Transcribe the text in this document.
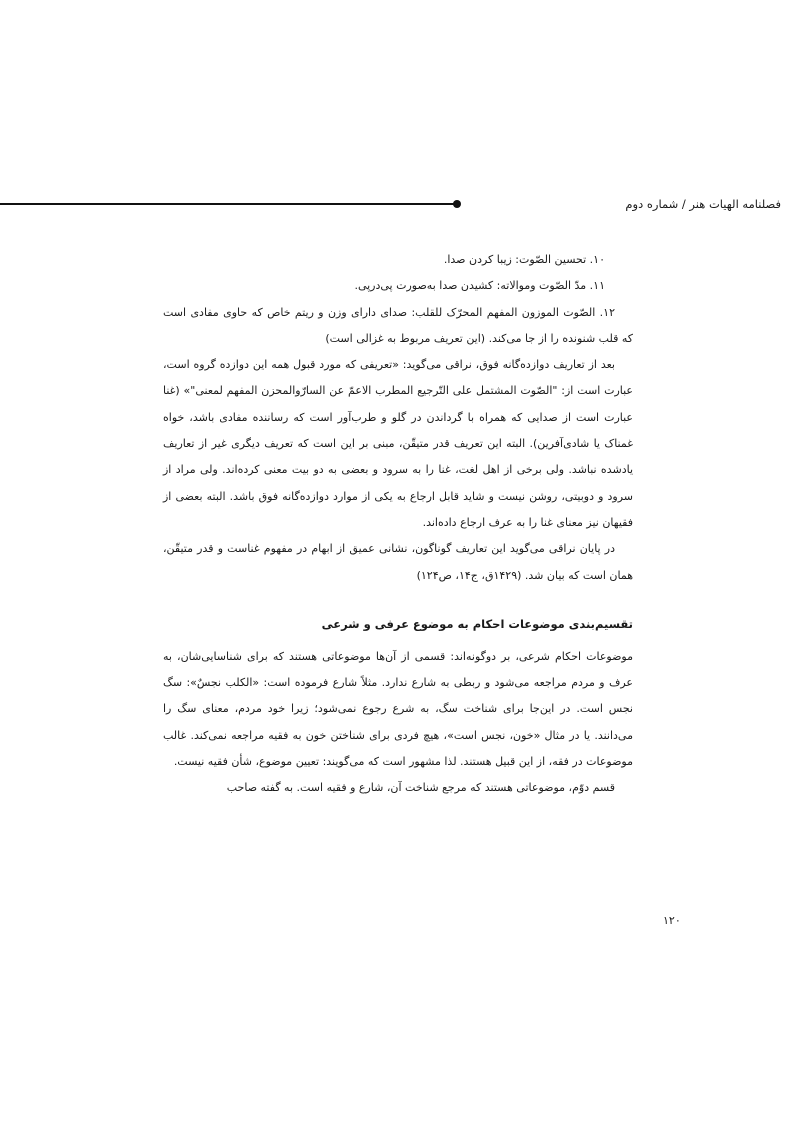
فصلنامه الهیات هنر / شماره دوم

۱۰. تحسین الصّوت: زیبا کردن صدا.

۱۱. مدّ الصّوت وموالاته: کشیدن صدا به‌صورت پی‌درپی.

۱۲. الصّوت الموزون المفهم المحرّک للقلب: صدای دارای وزن و ریتم خاص که حاوی مفادی است که قلب شنونده را از جا می‌کند. (این تعریف مربوط به غزالی است)

بعد از تعاریف دوازده‌گانه فوق، نراقی می‌گوید: «تعریفی که مورد قبول همه این دوازده گروه است، عبارت است از: "الصّوت المشتمل علی التّرجیع المطرب الاعمّ عن السارّوالمحزن المفهم لمعنی"» (غنا عبارت است از صدایی که همراه با گرداندن در گلو و طرب‌آور است که رساننده مفادی باشد، خواه غمناک یا شادی‌آفرین). البته این تعریف قدر متیقّن، مبنی بر این است که تعریف دیگری غیر از تعاریف یادشده نباشد. ولی برخی از اهل لغت، غنا را به سرود و بعضی به دو بیت معنی کرده‌اند. ولی مراد از سرود و دوبیتی، روشن نیست و شاید قابل ارجاع به یکی از موارد دوازده‌گانه فوق باشد. البته بعضی از فقیهان نیز معنای غنا را به عرف ارجاع داده‌اند.

در پایان نراقی می‌گوید این تعاریف گوناگون، نشانی عمیق از ابهام در مفهوم غناست و قدر متیقّن، همان است که بیان شد. (۱۴۲۹ق، ج۱۴، ص۱۲۴)

تقسیم‌بندی موضوعات احکام به موضوع عرفی و شرعی

موضوعات احکام شرعی، بر دوگونه‌اند: قسمی از آن‌ها موضوعاتی هستند که برای شناسایی‌شان، به عرف و مردم مراجعه می‌شود و ربطی به شارع ندارد. مثلاً شارع فرموده است: «الکلب نجسٌ»: سگ نجس است. در این‌جا برای شناخت سگ، به شرع رجوع نمی‌شود؛ زیرا خود مردم، معنای سگ را می‌دانند. یا در مثال «خون، نجس است»، هیچ فردی برای شناختن خون به فقیه مراجعه نمی‌کند. غالب موضوعات در فقه، از این قبیل هستند. لذا مشهور است که می‌گویند: تعیین موضوع، شأن فقیه نیست.

قسم دوّم، موضوعاتی هستند که مرجع شناخت آن، شارع و فقیه است. به گفته صاحب

۱۲۰
